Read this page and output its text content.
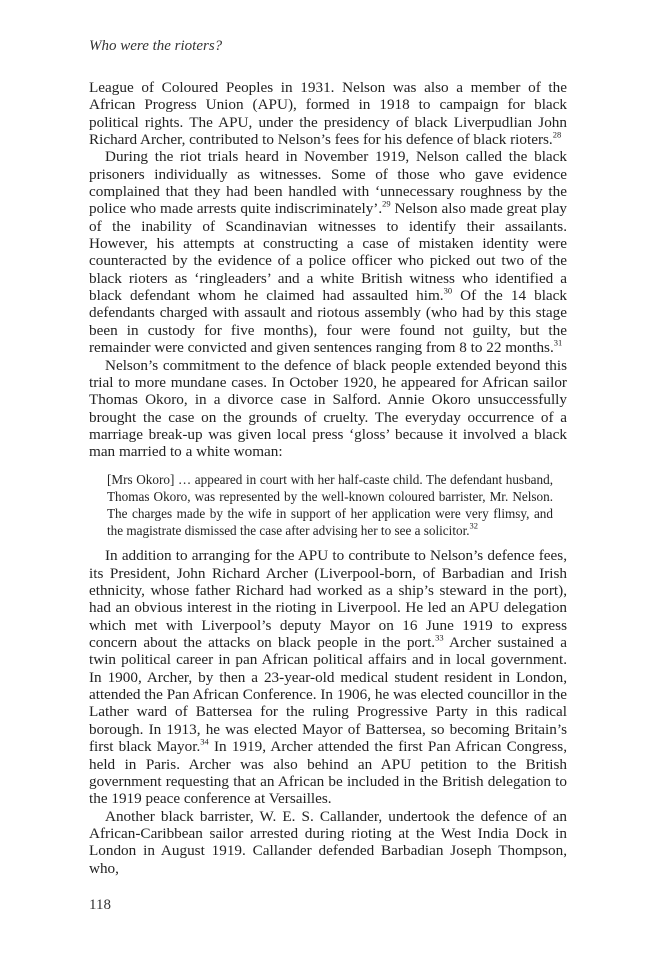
Who were the rioters?

League of Coloured Peoples in 1931. Nelson was also a member of the African Progress Union (APU), formed in 1918 to campaign for black political rights. The APU, under the presidency of black Liverpudlian John Richard Archer, contributed to Nelson’s fees for his defence of black rioters.$^{28}$

During the riot trials heard in November 1919, Nelson called the black prisoners individually as witnesses. Some of those who gave evidence complained that they had been handled with ‘unnecessary roughness by the police who made arrests quite indiscriminately’.$^{29}$ Nelson also made great play of the inability of Scandinavian witnesses to identify their assailants. However, his attempts at constructing a case of mistaken identity were counteracted by the evidence of a police officer who picked out two of the black rioters as ‘ringleaders’ and a white British witness who identified a black defendant whom he claimed had assaulted him.$^{30}$ Of the 14 black defendants charged with assault and riotous assembly (who had by this stage been in custody for five months), four were found not guilty, but the remainder were convicted and given sentences ranging from 8 to 22 months.$^{31}$

Nelson’s commitment to the defence of black people extended beyond this trial to more mundane cases. In October 1920, he appeared for African sailor Thomas Okoro, in a divorce case in Salford. Annie Okoro unsuccessfully brought the case on the grounds of cruelty. The everyday occurrence of a marriage break-up was given local press ‘gloss’ because it involved a black man married to a white woman:

[Mrs Okoro] … appeared in court with her half-caste child. The defendant husband, Thomas Okoro, was represented by the well-known coloured barrister, Mr. Nelson. The charges made by the wife in support of her application were very flimsy, and the magistrate dismissed the case after advising her to see a solicitor.$^{32}$

In addition to arranging for the APU to contribute to Nelson’s defence fees, its President, John Richard Archer (Liverpool-born, of Barbadian and Irish ethnicity, whose father Richard had worked as a ship’s steward in the port), had an obvious interest in the rioting in Liverpool. He led an APU delegation which met with Liverpool’s deputy Mayor on 16 June 1919 to express concern about the attacks on black people in the port.$^{33}$ Archer sustained a twin political career in pan African political affairs and in local government. In 1900, Archer, by then a 23-year-old medical student resident in London, attended the Pan African Conference. In 1906, he was elected councillor in the Lather ward of Battersea for the ruling Progressive Party in this radical borough. In 1913, he was elected Mayor of Battersea, so becoming Britain’s first black Mayor.$^{34}$ In 1919, Archer attended the first Pan African Congress, held in Paris. Archer was also behind an APU petition to the British government requesting that an African be included in the British delegation to the 1919 peace conference at Versailles.

Another black barrister, W. E. S. Callander, undertook the defence of an African-Caribbean sailor arrested during rioting at the West India Dock in London in August 1919. Callander defended Barbadian Joseph Thompson, who,

118
